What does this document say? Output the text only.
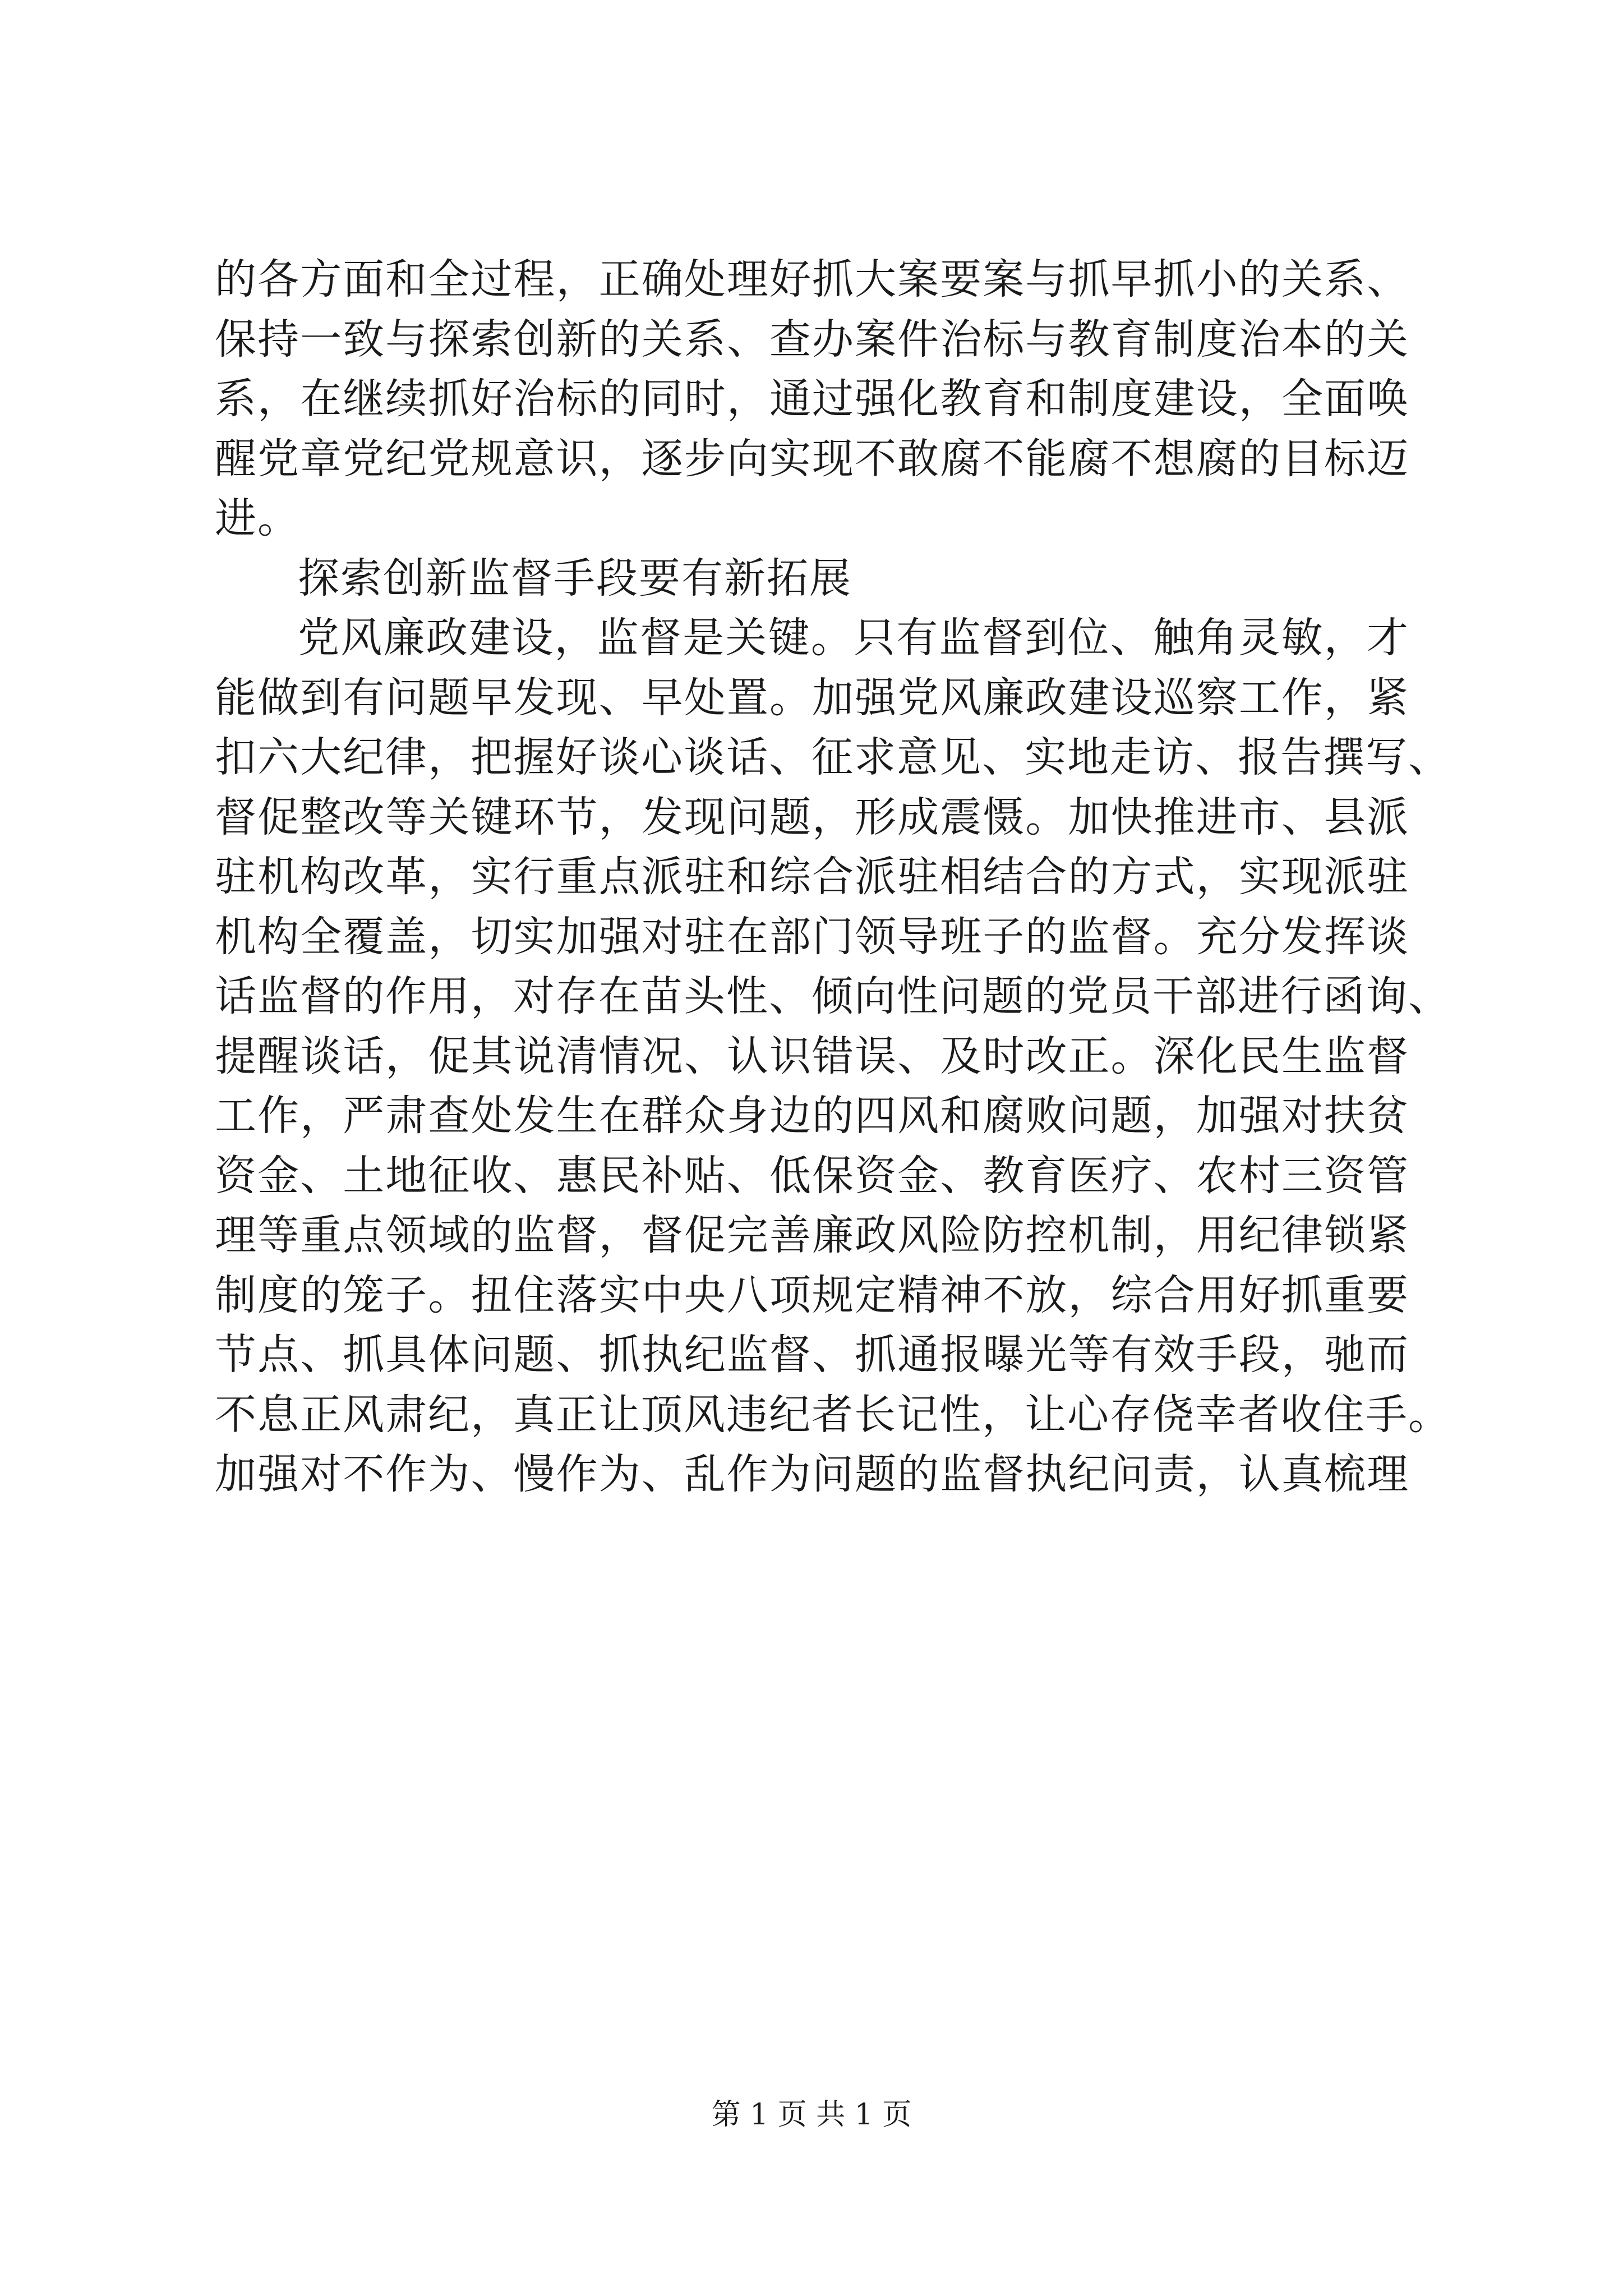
的各方面和全过程，正确处理好抓大案要案与抓早抓小的关系、
保持一致与探索创新的关系、查办案件治标与教育制度治本的关
系，在继续抓好治标的同时，通过强化教育和制度建设，全面唤
醒党章党纪党规意识，逐步向实现不敢腐不能腐不想腐的目标迈
进。
探索创新监督手段要有新拓展
党风廉政建设，监督是关键。只有监督到位、触角灵敏，才
能做到有问题早发现、早处置。加强党风廉政建设巡察工作，紧
扣六大纪律，把握好谈心谈话、征求意见、实地走访、报告撰写、
督促整改等关键环节，发现问题，形成震慑。加快推进市、县派
驻机构改革，实行重点派驻和综合派驻相结合的方式，实现派驻
机构全覆盖，切实加强对驻在部门领导班子的监督。充分发挥谈
话监督的作用，对存在苗头性、倾向性问题的党员干部进行函询、
提醒谈话，促其说清情况、认识错误、及时改正。深化民生监督
工作，严肃查处发生在群众身边的四风和腐败问题，加强对扶贫
资金、土地征收、惠民补贴、低保资金、教育医疗、农村三资管
理等重点领域的监督，督促完善廉政风险防控机制，用纪律锁紧
制度的笼子。扭住落实中央八项规定精神不放，综合用好抓重要
节点、抓具体问题、抓执纪监督、抓通报曝光等有效手段，驰而
不息正风肃纪，真正让顶风违纪者长记性，让心存侥幸者收住手。
加强对不作为、慢作为、乱作为问题的监督执纪问责，认真梳理
第 1 页 共 1 页
